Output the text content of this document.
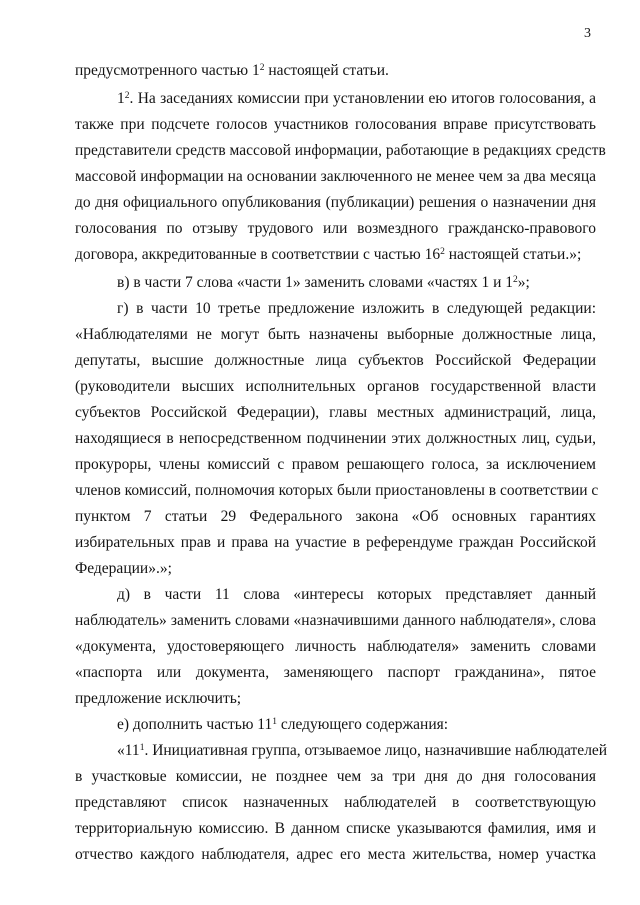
3
предусмотренного частью $1^2$ настоящей статьи.
$1^2$. На заседаниях комиссии при установлении ею итогов голосования, а
также при подсчете голосов участников голосования вправе присутствовать
представители средств массовой информации, работающие в редакциях средств
массовой информации на основании заключенного не менее чем за два месяца
до дня официального опубликования (публикации) решения о назначении дня
голосования по отзыву трудового или возмездного гражданско-правового
договора, аккредитованные в соответствии с частью $16^2$ настоящей статьи.»;
в) в части 7 слова «части 1» заменить словами «частях 1 и $1^2$»;
г) в части 10 третье предложение изложить в следующей редакции:
«Наблюдателями не могут быть назначены выборные должностные лица,
депутаты, высшие должностные лица субъектов Российской Федерации
(руководители высших исполнительных органов государственной власти
субъектов Российской Федерации), главы местных администраций, лица,
находящиеся в непосредственном подчинении этих должностных лиц, судьи,
прокуроры, члены комиссий с правом решающего голоса, за исключением
членов комиссий, полномочия которых были приостановлены в соответствии с
пунктом 7 статьи 29 Федерального закона «Об основных гарантиях
избирательных прав и права на участие в референдуме граждан Российской
Федерации».»;
д) в части 11 слова «интересы которых представляет данный
наблюдатель» заменить словами «назначившими данного наблюдателя», слова
«документа, удостоверяющего личность наблюдателя» заменить словами
«паспорта или документа, заменяющего паспорт гражданина», пятое
предложение исключить;
е) дополнить частью $11^1$ следующего содержания:
«$11^1$. Инициативная группа, отзываемое лицо, назначившие наблюдателей
в участковые комиссии, не позднее чем за три дня до дня голосования
представляют список назначенных наблюдателей в соответствующую
территориальную комиссию. В данном списке указываются фамилия, имя и
отчество каждого наблюдателя, адрес его места жительства, номер участка
